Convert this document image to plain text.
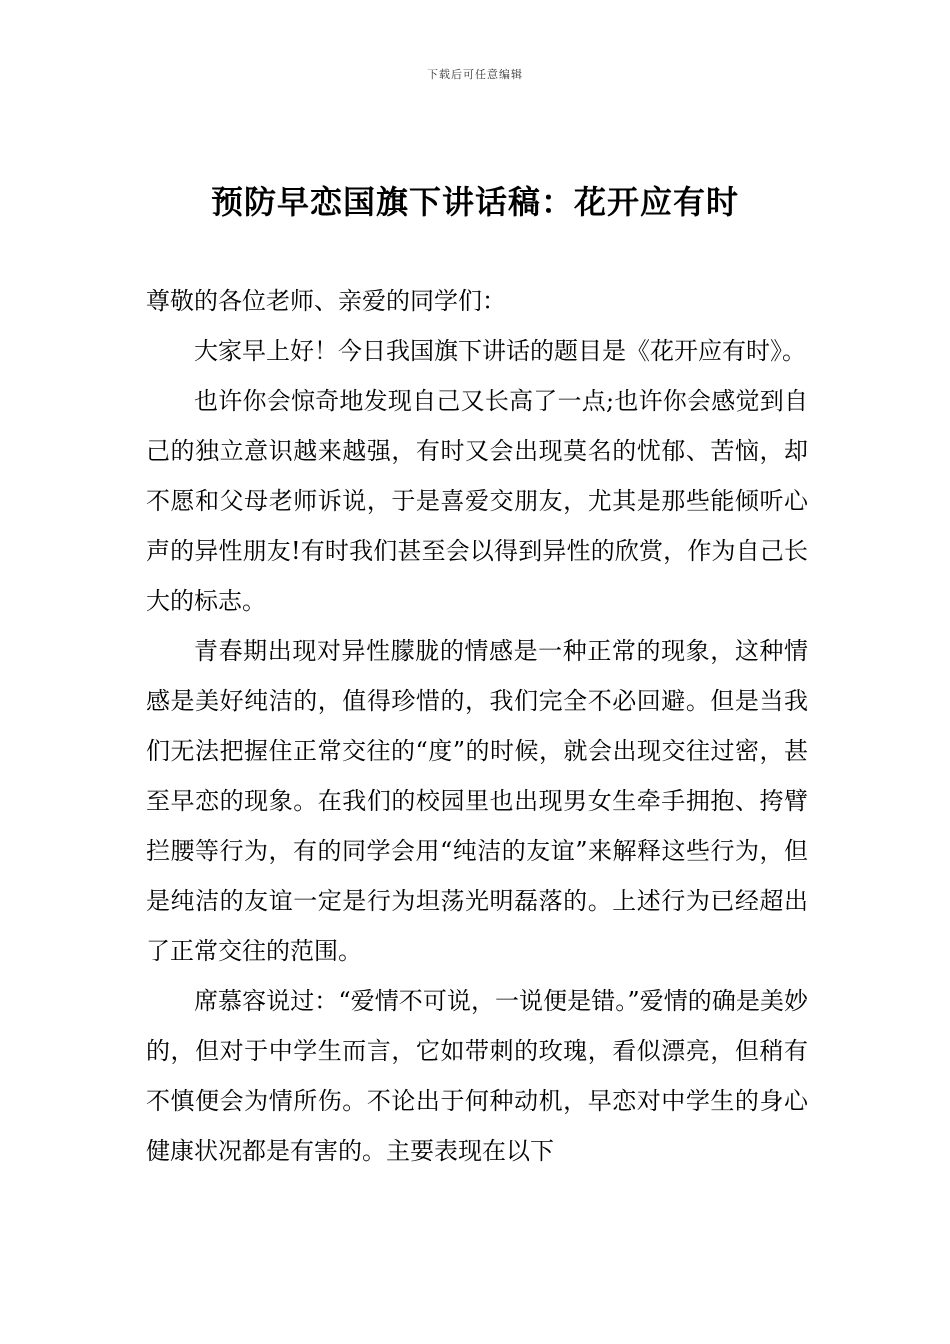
下载后可任意编辑
预防早恋国旗下讲话稿：花开应有时

尊敬的各位老师、亲爱的同学们：

大家早上好！今日我国旗下讲话的题目是《花开应有时》。

也许你会惊奇地发现自己又长高了一点;也许你会感觉到自己的独立意识越来越强，有时又会出现莫名的忧郁、苦恼，却不愿和父母老师诉说，于是喜爱交朋友，尤其是那些能倾听心声的异性朋友!有时我们甚至会以得到异性的欣赏，作为自己长大的标志。

青春期出现对异性朦胧的情感是一种正常的现象，这种情感是美好纯洁的，值得珍惜的，我们完全不必回避。但是当我们无法把握住正常交往的“度”的时候，就会出现交往过密，甚至早恋的现象。在我们的校园里也出现男女生牵手拥抱、挎臂拦腰等行为，有的同学会用“纯洁的友谊”来解释这些行为，但是纯洁的友谊一定是行为坦荡光明磊落的。上述行为已经超出了正常交往的范围。

席慕容说过：“爱情不可说，一说便是错。”爱情的确是美妙的，但对于中学生而言，它如带刺的玫瑰，看似漂亮，但稍有不慎便会为情所伤。不论出于何种动机，早恋对中学生的身心健康状况都是有害的。主要表现在以下
